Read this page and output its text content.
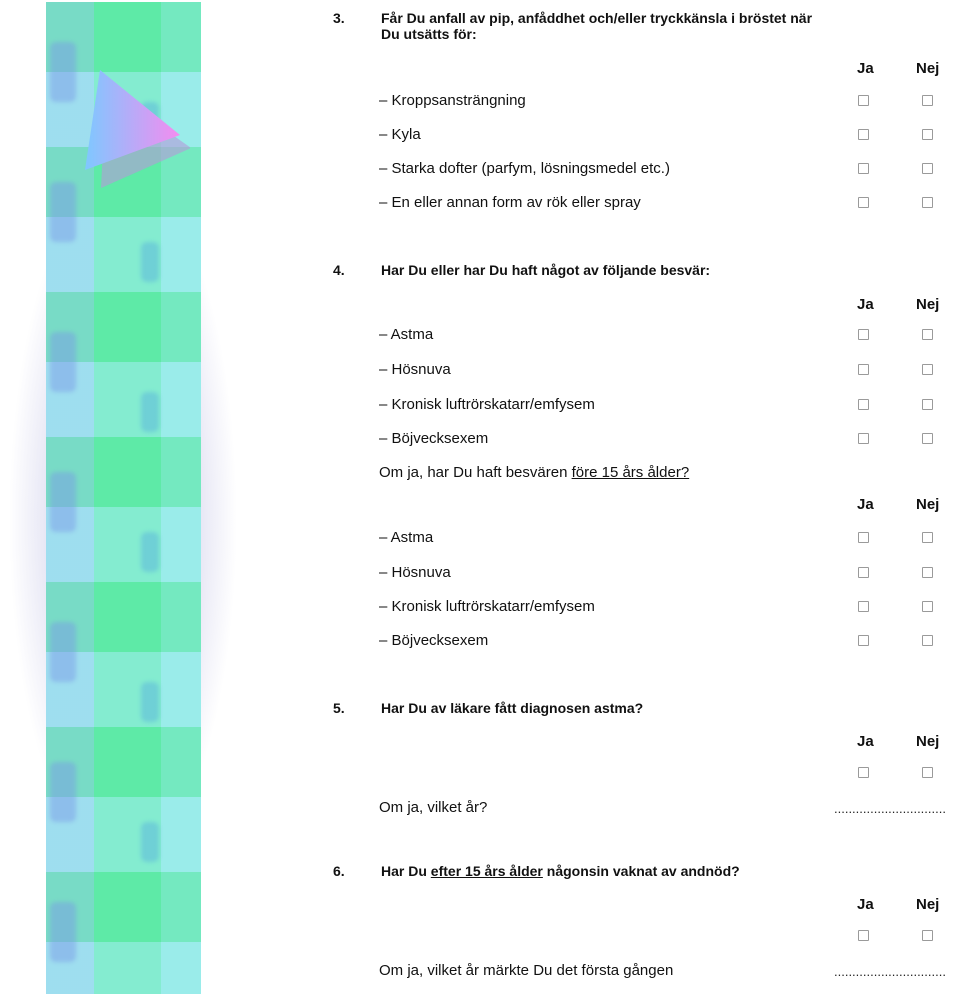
3.	Får Du anfall av pip, anfåddhet och/eller tryckkänsla i bröstet när
Du utsätts för:
Ja	Nej
– Kroppsansträngning
– Kyla
– Starka dofter (parfym, lösningsmedel etc.)
– En eller annan form av rök eller spray
4.	Har Du eller har Du haft något av följande besvär:
Ja	Nej
– Astma
– Hösnuva
– Kronisk luftrörskatarr/emfysem
– Böjvecksexem
Om ja, har Du haft besvären före 15 års ålder?
Ja	Nej
– Astma
– Hösnuva
– Kronisk luftrörskatarr/emfysem
– Böjvecksexem
5.	Har Du av läkare fått diagnosen astma?
Ja	Nej
Om ja, vilket år?	...............................
6.	Har Du efter 15 års ålder någonsin vaknat av andnöd?
Ja	Nej
Om ja, vilket år märkte Du det första gången	...............................
